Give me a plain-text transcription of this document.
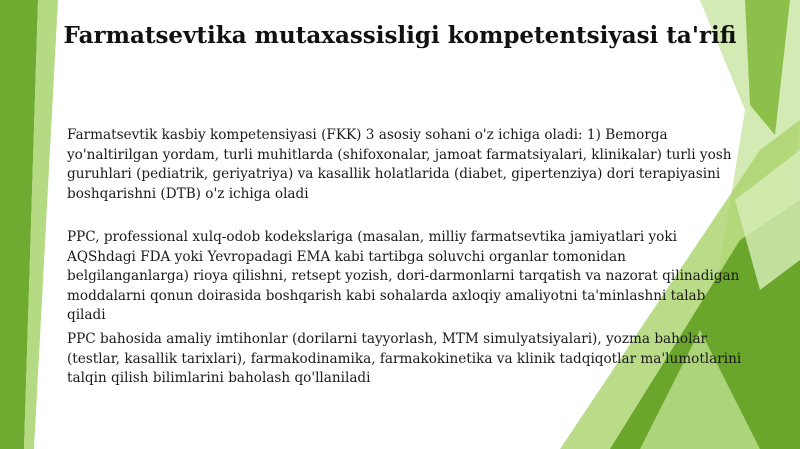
Farmatsevtika mutaxassisligi kompetentsiyasi ta'rifi

Farmatsevtik kasbiy kompetensiyasi (FKK) 3 asosiy sohani o'z ichiga oladi: 1) Bemorga yo'naltirilgan yordam, turli muhitlarda (shifoxonalar, jamoat farmatsiyalari, klinikalar) turli yosh guruhlari (pediatrik, geriyatriya) va kasallik holatlarida (diabet, gipertenziya) dori terapiyasini boshqarishni (DTB) o'z ichiga oladi

PPC, professional xulq-odob kodekslariga (masalan, milliy farmatsevtika jamiyatlari yoki AQShdagi FDA yoki Yevropadagi EMA kabi tartibga soluvchi organlar tomonidan belgilanganlarga) rioya qilishni, retsept yozish, dori-darmonlarni tarqatish va nazorat qilinadigan moddalarni qonun doirasida boshqarish kabi sohalarda axloqiy amaliyotni ta'minlashni talab qiladi

PPC bahosida amaliy imtihonlar (dorilarni tayyorlash, MTM simulyatsiyalari), yozma baholar (testlar, kasallik tarixlari), farmakodinamika, farmakokinetika va klinik tadqiqotlar ma'lumotlarini talqin qilish bilimlarini baholash qo'llaniladi
